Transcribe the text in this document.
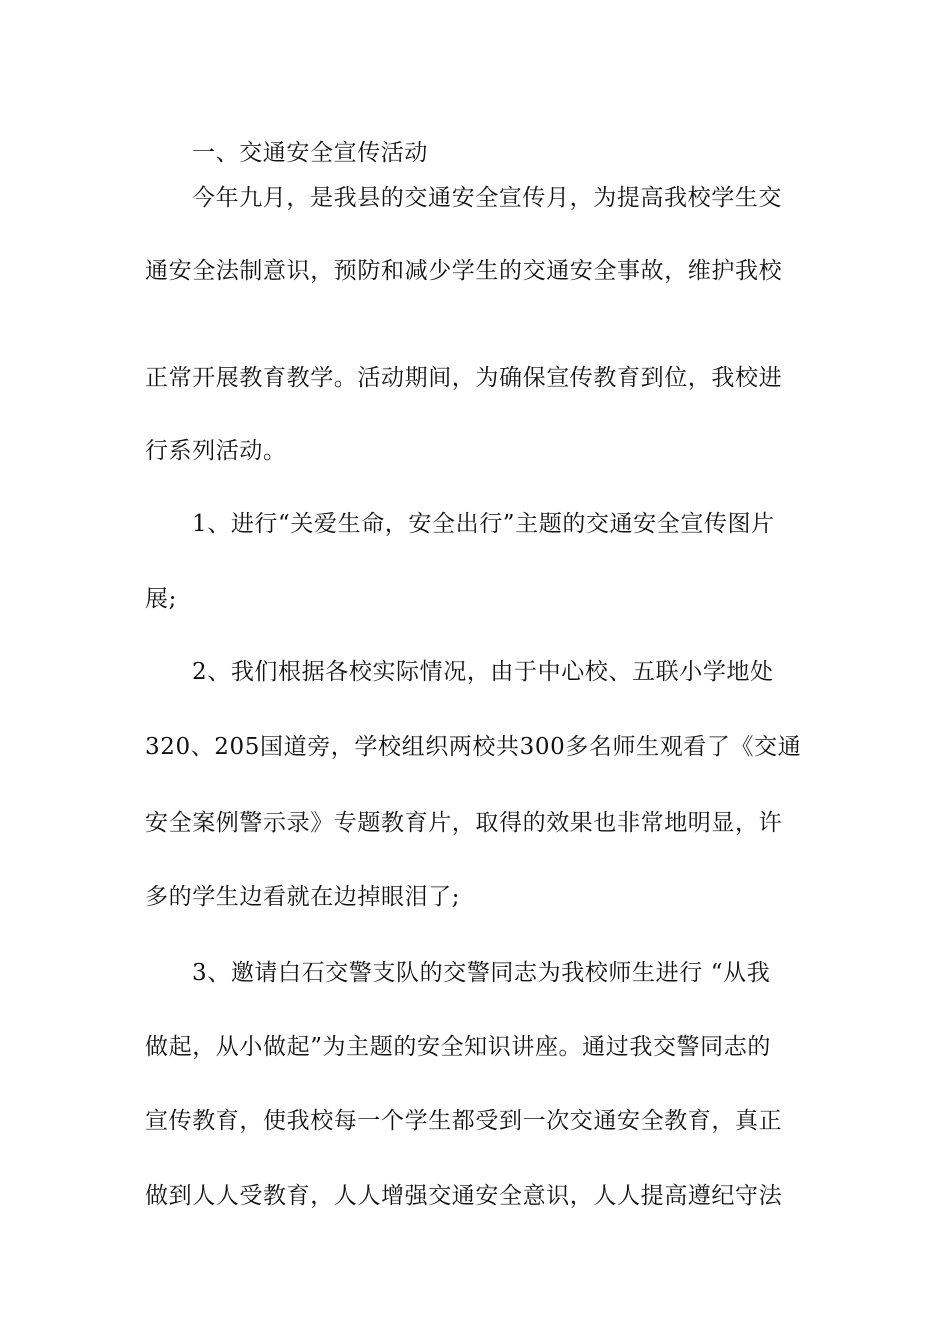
一、交通安全宣传活动
今年九月，是我县的交通安全宣传月，为提高我校学生交
通安全法制意识，预防和减少学生的交通安全事故，维护我校
正常开展教育教学。活动期间，为确保宣传教育到位，我校进
行系列活动。
1、进行“关爱生命，安全出行”主题的交通安全宣传图片
展;
2、我们根据各校实际情况，由于中心校、五联小学地处
320、205国道旁，学校组织两校共300多名师生观看了《交通
安全案例警示录》专题教育片，取得的效果也非常地明显，许
多的学生边看就在边掉眼泪了;
3、邀请白石交警支队的交警同志为我校师生进行 “从我
做起，从小做起”为主题的安全知识讲座。通过我交警同志的
宣传教育，使我校每一个学生都受到一次交通安全教育，真正
做到人人受教育，人人增强交通安全意识，人人提高遵纪守法
